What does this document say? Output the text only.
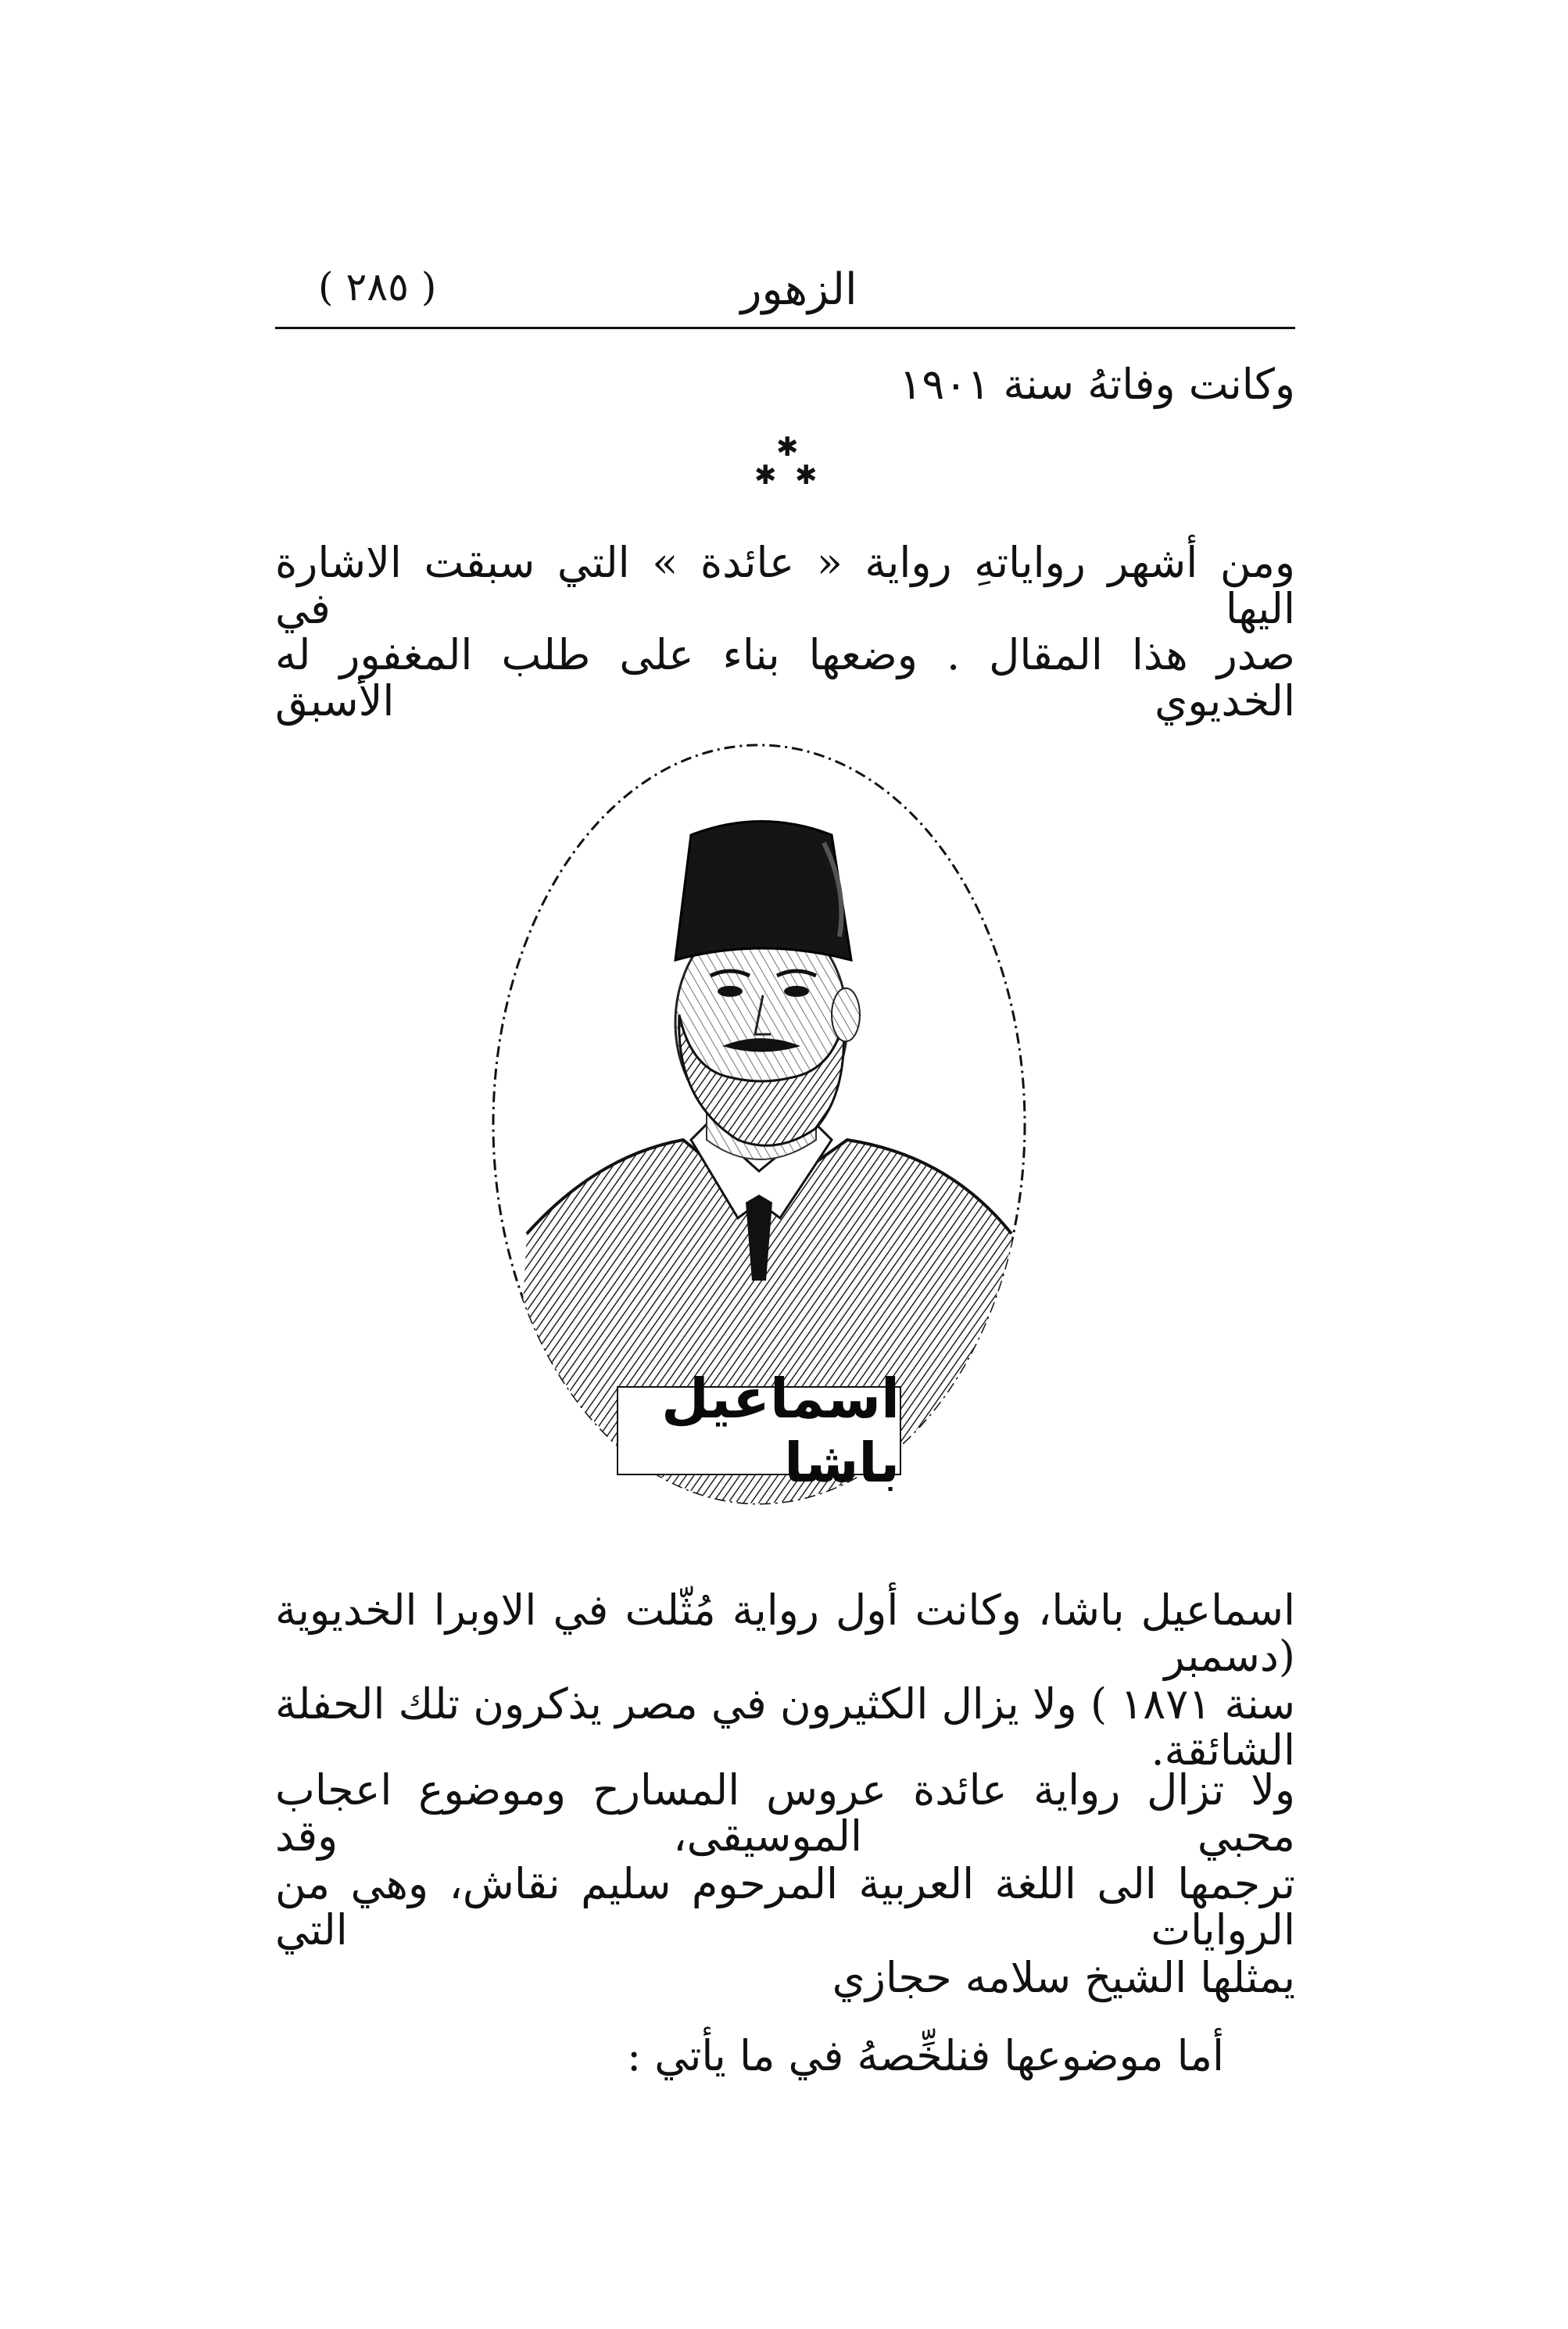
( ٢٨٥ )	الزهور
وكانت وفاتهُ سنة ١٩٠١
✱
✱ ✱
ومن أشهر رواياتهِ رواية « عائدة » التي سبقت الاشارة اليها في
صدر هذا المقال . وضعها بناء على طلب المغفور له الخديوي الأسبق
اسماعيل باشا
اسماعيل باشا، وكانت أول رواية مُثّلت في الاوبرا الخديوية (دسمبر
سنة ١٨٧١ ) ولا يزال الكثيرون في مصر يذكرون تلك الحفلة الشائقة.
ولا تزال رواية عائدة عروس المسارح وموضوع اعجاب محبي الموسيقى، وقد
ترجمها الى اللغة العربية المرحوم سليم نقاش، وهي من الروايات التي
يمثلها الشيخ سلامه حجازي
أما موضوعها فنلخِّصهُ في ما يأتي :
